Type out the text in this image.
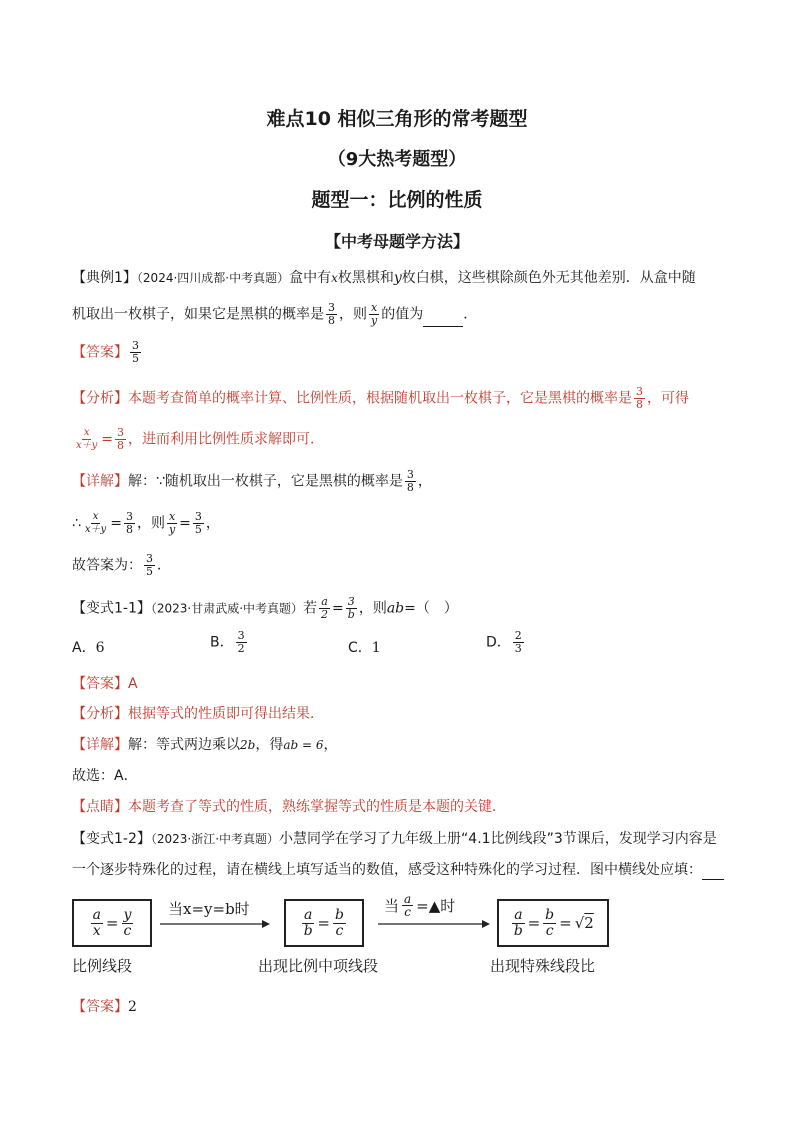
难点10 相似三角形的常考题型
（9大热考题型）
题型一：比例的性质
【中考母题学方法】
【典例1】（2024·四川成都·中考真题）盒中有x枚黑棋和y枚白棋，这些棋除颜色外无其他差别．从盒中随
机取出一枚棋子，如果它是黑棋的概率是 $\frac{3}{8}$ ，则 $\frac{x}{y}$ 的值为	．
【答案】 $\frac{3}{5}$
【分析】本题考查简单的概率计算、比例性质，根据随机取出一枚棋子，它是黑棋的概率是 $\frac{3}{8}$ ，可得
$\frac{x}{x+y} = \frac{3}{8}$ ，进而利用比例性质求解即可．
【详解】解：∵随机取出一枚棋子，它是黑棋的概率是 $\frac{3}{8}$ ，
∴ $\frac{x}{x+y} = \frac{3}{8}$ ，则 $\frac{x}{y} = \frac{3}{5}$ ，
故答案为： $\frac{3}{5}$ ．
【变式1-1】（2023·甘肃武威·中考真题）若 $\frac{a}{2} = \frac{3}{b}$ ，则ab=（　）
A．6	B． $\frac{3}{2}$	C．1	D． $\frac{2}{3}$
【答案】A
【分析】根据等式的性质即可得出结果．
【详解】解：等式两边乘以2b，得ab = 6，
故选：A．
【点睛】本题考查了等式的性质，熟练掌握等式的性质是本题的关键．
【变式1-2】（2023·浙江·中考真题）小慧同学在学习了九年级上册“4.1比例线段”3节课后，发现学习内容是
一个逐步特殊化的过程，请在横线上填写适当的数值，感受这种特殊化的学习过程．图中横线处应填：
$\frac{a}{x} = \frac{y}{c}$
比例线段
当x=y=b时	$\frac{a}{b} = \frac{b}{c}$
出现比例中项线段
当 $\frac{a}{c}$ =▲时
$\frac{a}{b} = \frac{b}{c} = √2$
出现特殊线段比
【答案】2
